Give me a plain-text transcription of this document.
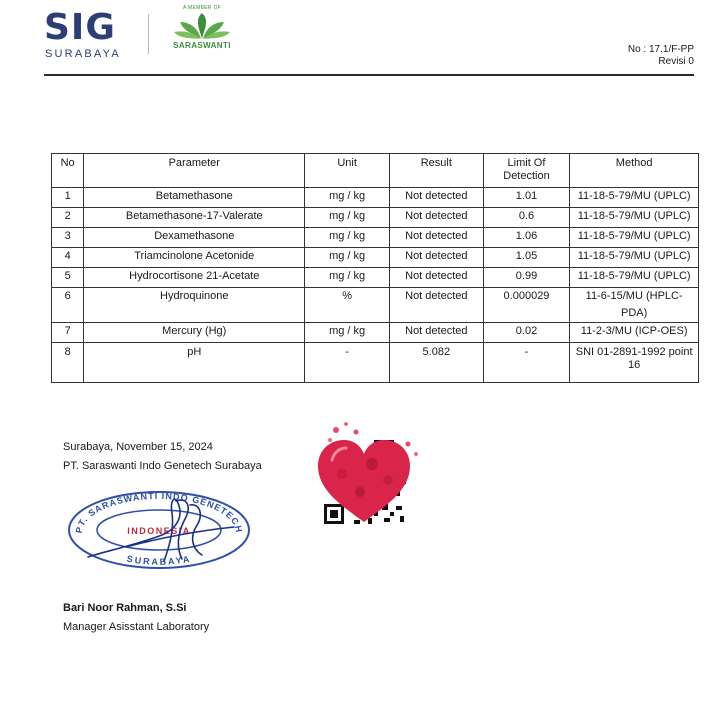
SIG
SURABAYA
A MEMBER OF
SARASWANTI	No : 17.1/F-PP
Revisi 0
No	Parameter	Unit	Result	Limit Of Detection	Method
1	Betamethasone	mg / kg	Not detected	1.01	11-18-5-79/MU (UPLC)
2	Betamethasone-17-Valerate	mg / kg	Not detected	0.6	11-18-5-79/MU (UPLC)
3	Dexamethasone	mg / kg	Not detected	1.06	11-18-5-79/MU (UPLC)
4	Triamcinolone Acetonide	mg / kg	Not detected	1.05	11-18-5-79/MU (UPLC)
5	Hydrocortisone 21-Acetate	mg / kg	Not detected	0.99	11-18-5-79/MU (UPLC)
6	Hydroquinone	%	Not detected	0.000029	11-6-15/MU (HPLC-PDA)
7	Mercury (Hg)	mg / kg	Not detected	0.02	11-2-3/MU (ICP-OES)
8	pH	-	5.082	-	SNI 01-2891-1992 point 16
Surabaya, November 15, 2024
PT. Saraswanti Indo Genetech Surabaya
PT. SARASWANTI INDO GENETECH
INDONESIA
SURABAYA
Bari Noor Rahman, S.Si
Manager Asisstant Laboratory
